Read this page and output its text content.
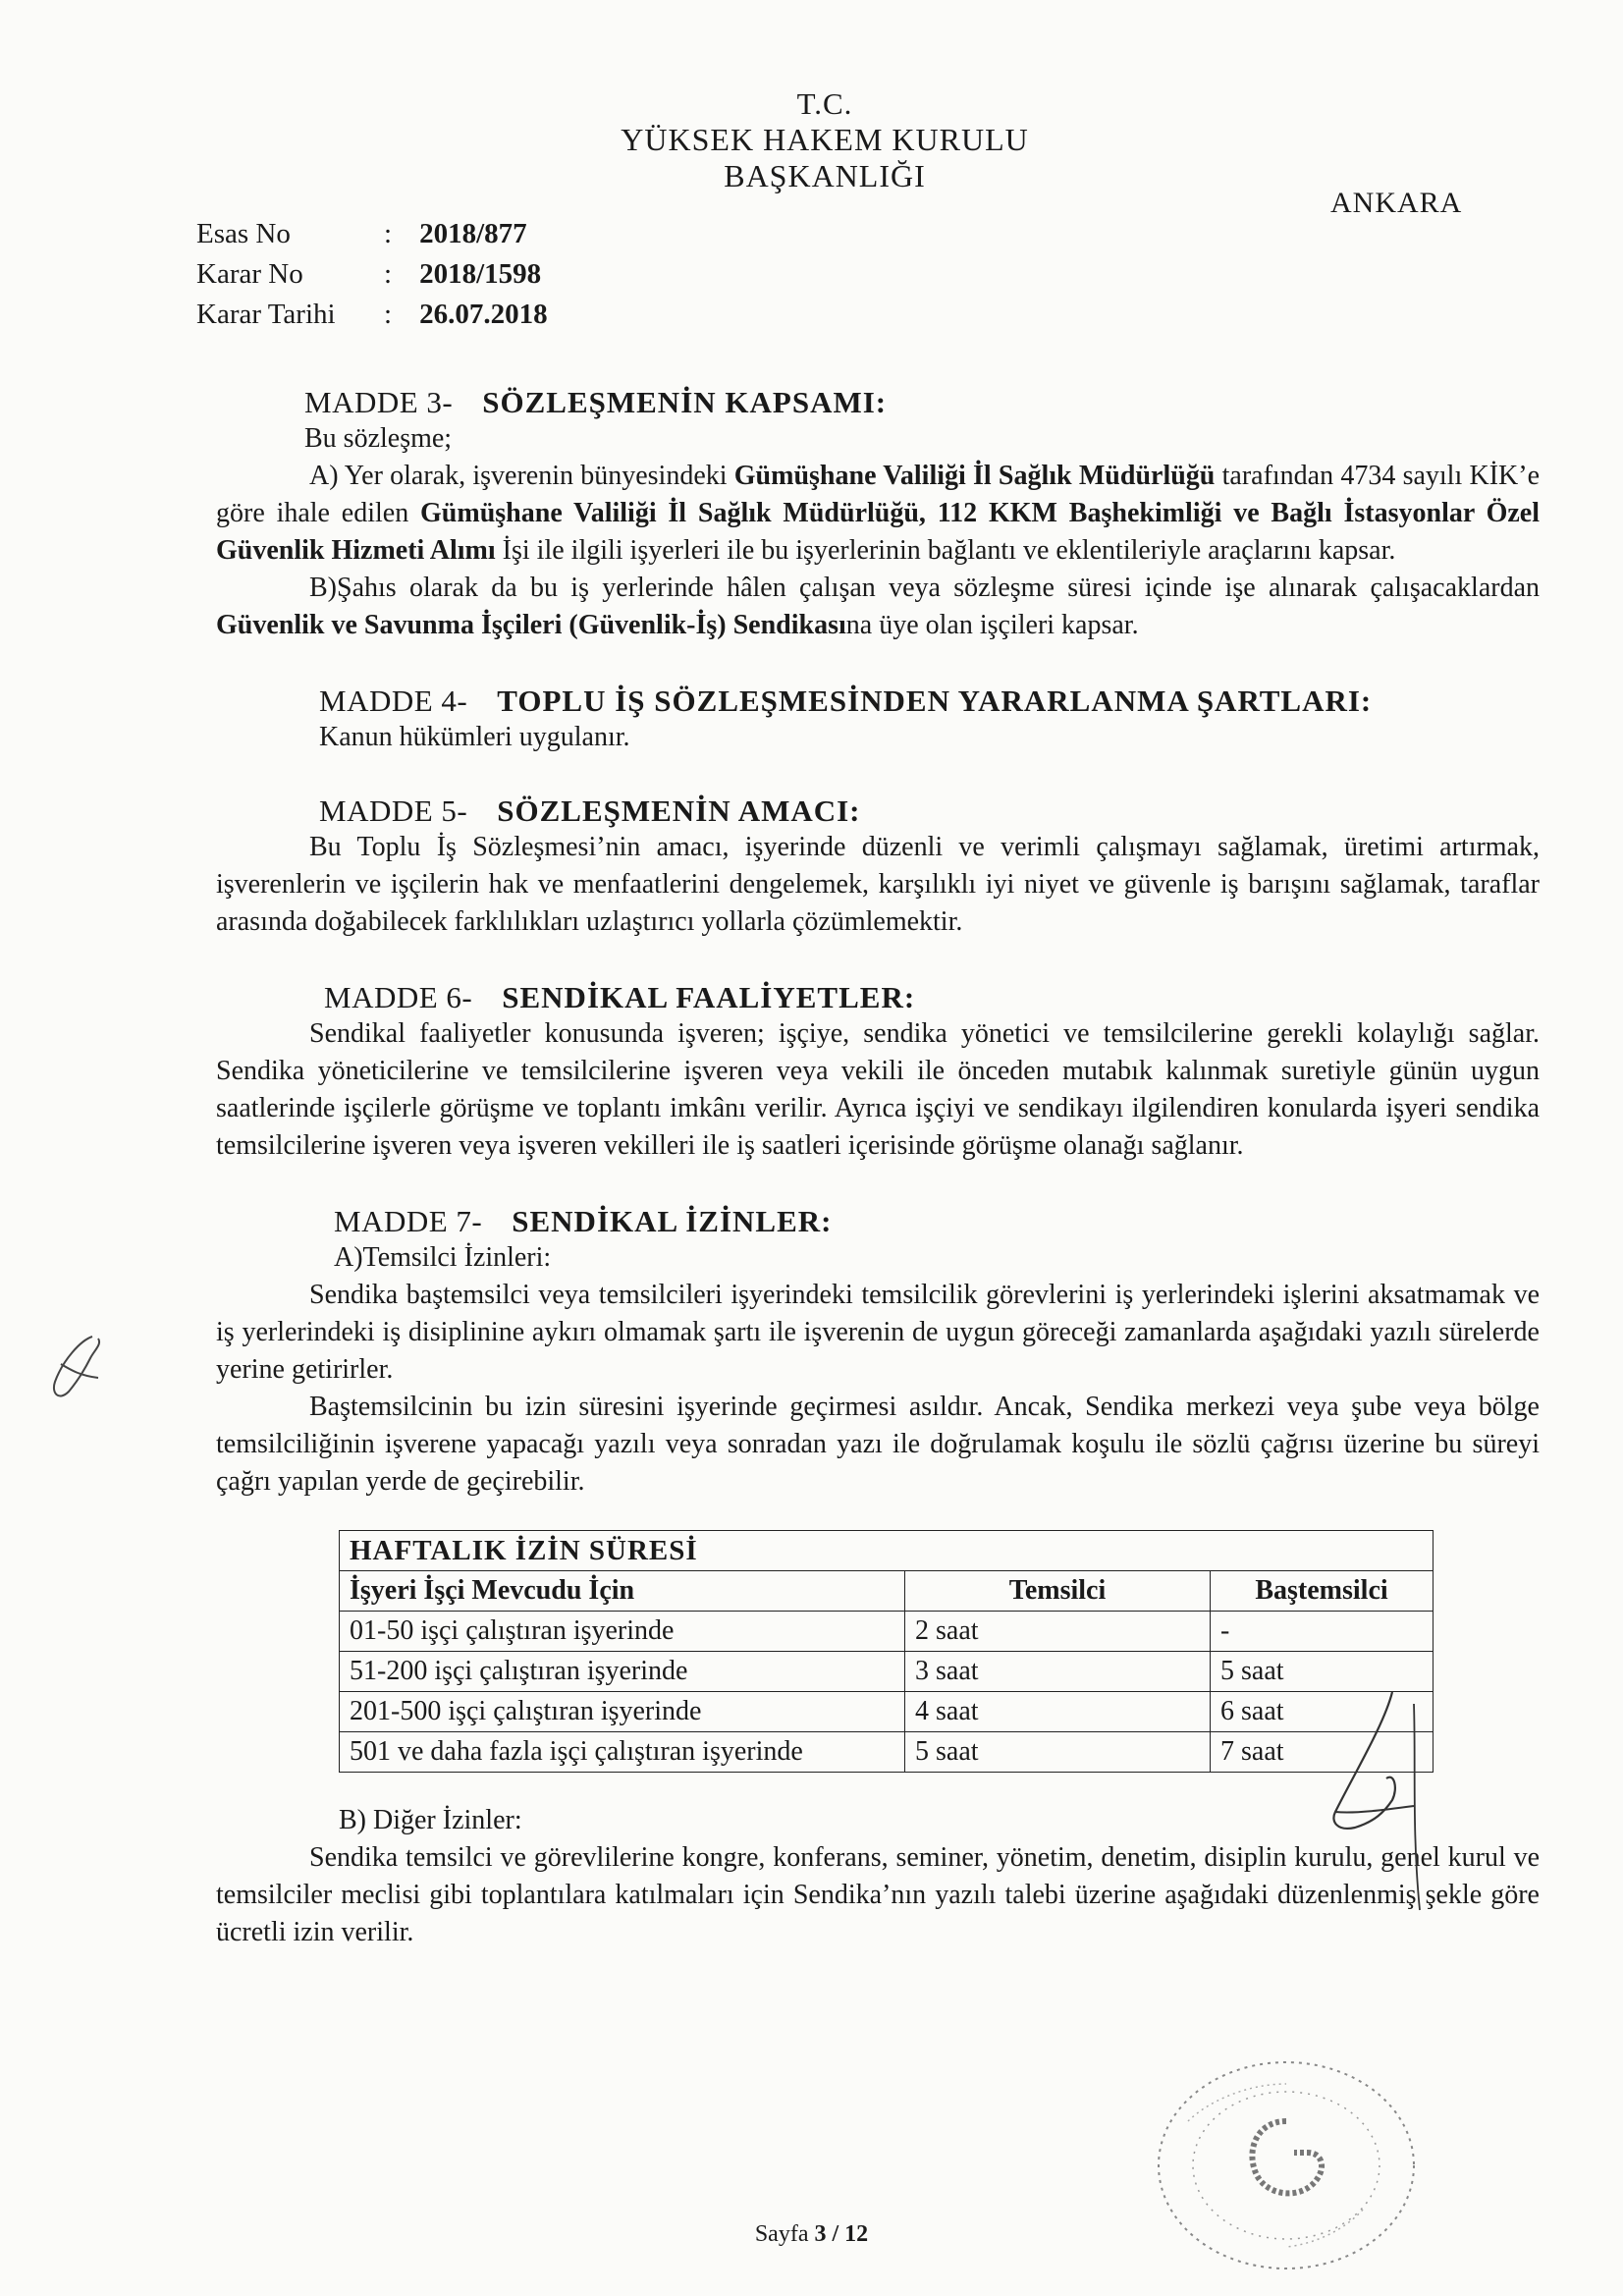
T.C.
YÜKSEK HAKEM KURULU
BAŞKANLIĞI
ANKARA
Esas No	:	2018/877
Karar No	:	2018/1598
Karar Tarihi	:	26.07.2018
MADDE 3- SÖZLEŞMENİN KAPSAMI:

Bu sözleşme;

A) Yer olarak, işverenin bünyesindeki Gümüşhane Valiliği İl Sağlık Müdürlüğü tarafından 4734 sayılı KİK’e göre ihale edilen Gümüşhane Valiliği İl Sağlık Müdürlüğü, 112 KKM Başhekimliği ve Bağlı İstasyonlar Özel Güvenlik Hizmeti Alımı İşi ile ilgili işyerleri ile bu işyerlerinin bağlantı ve eklentileriyle araçlarını kapsar.

B)Şahıs olarak da bu iş yerlerinde hâlen çalışan veya sözleşme süresi içinde işe alınarak çalışacaklardan Güvenlik ve Savunma İşçileri (Güvenlik-İş) Sendikasına üye olan işçileri kapsar.

MADDE 4- TOPLU İŞ SÖZLEŞMESİNDEN YARARLANMA ŞARTLARI:

Kanun hükümleri uygulanır.

MADDE 5- SÖZLEŞMENİN AMACI:

Bu Toplu İş Sözleşmesi’nin amacı, işyerinde düzenli ve verimli çalışmayı sağlamak, üretimi artırmak, işverenlerin ve işçilerin hak ve menfaatlerini dengelemek, karşılıklı iyi niyet ve güvenle iş barışını sağlamak, taraflar arasında doğabilecek farklılıkları uzlaştırıcı yollarla çözümlemektir.

MADDE 6- SENDİKAL FAALİYETLER:

Sendikal faaliyetler konusunda işveren; işçiye, sendika yönetici ve temsilcilerine gerekli kolaylığı sağlar. Sendika yöneticilerine ve temsilcilerine işveren veya vekili ile önceden mutabık kalınmak suretiyle günün uygun saatlerinde işçilerle görüşme ve toplantı imkânı verilir. Ayrıca işçiyi ve sendikayı ilgilendiren konularda işyeri sendika temsilcilerine işveren veya işveren vekilleri ile iş saatleri içerisinde görüşme olanağı sağlanır.

MADDE 7- SENDİKAL İZİNLER:

A)Temsilci İzinleri:

Sendika baştemsilci veya temsilcileri işyerindeki temsilcilik görevlerini iş yerlerindeki işlerini aksatmamak ve iş yerlerindeki iş disiplinine aykırı olmamak şartı ile işverenin de uygun göreceği zamanlarda aşağıdaki yazılı sürelerde yerine getirirler.

Baştemsilcinin bu izin süresini işyerinde geçirmesi asıldır. Ancak, Sendika merkezi veya şube veya bölge temsilciliğinin işverene yapacağı yazılı veya sonradan yazı ile doğrulamak koşulu ile sözlü çağrısı üzerine bu süreyi çağrı yapılan yerde de geçirebilir.

HAFTALIK İZİN SÜRESİ		
İşyeri İşçi Mevcudu İçin	Temsilci	Baştemsilci
01-50 işçi çalıştıran işyerinde	2 saat	-
51-200 işçi çalıştıran işyerinde	3 saat	5 saat
201-500 işçi çalıştıran işyerinde	4 saat	6 saat
501 ve daha fazla işçi çalıştıran işyerinde	5 saat	7 saat

B) Diğer İzinler:

Sendika temsilci ve görevlilerine kongre, konferans, seminer, yönetim, denetim, disiplin kurulu, genel kurul ve temsilciler meclisi gibi toplantılara katılmaları için Sendika’nın yazılı talebi üzerine aşağıdaki düzenlenmiş şekle göre ücretli izin verilir.

Sayfa 3 / 12
